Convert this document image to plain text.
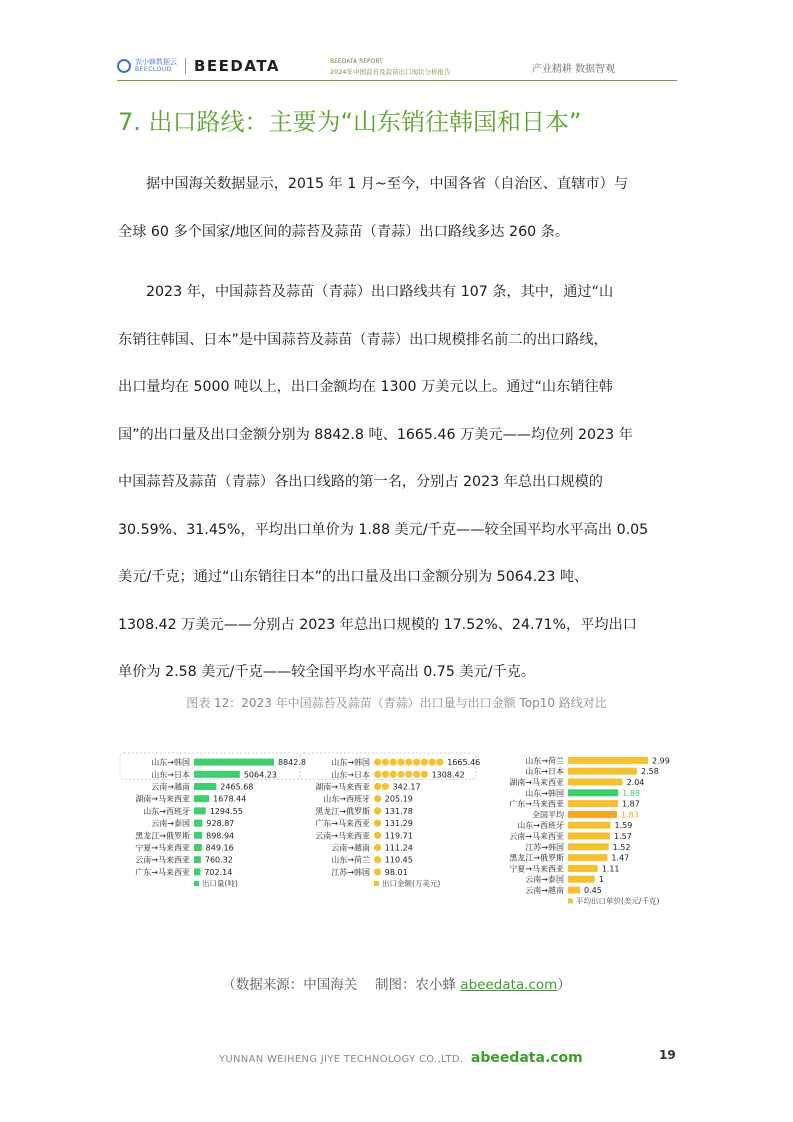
农小蜂数据云
BEECLOUD	BEEDATA	BEEDATA REPORT
2024年中国蒜苔及蒜苗出口现状分析报告	产业精耕 数据智观
7. 出口路线：主要为“山东销往韩国和日本”
据中国海关数据显示，2015 年 1 月~至今，中国各省（自治区、直辖市）与
全球 60 多个国家/地区间的蒜苔及蒜苗（青蒜）出口路线多达 260 条。
2023 年，中国蒜苔及蒜苗（青蒜）出口路线共有 107 条，其中，通过“山
东销往韩国、日本”是中国蒜苔及蒜苗（青蒜）出口规模排名前二的出口路线，
出口量均在 5000 吨以上，出口金额均在 1300 万美元以上。通过“山东销往韩
国”的出口量及出口金额分别为 8842.8 吨、1665.46 万美元——均位列 2023 年
中国蒜苔及蒜苗（青蒜）各出口线路的第一名，分别占 2023 年总出口规模的
30.59%、31.45%，平均出口单价为 1.88 美元/千克——较全国平均水平高出 0.05
美元/千克；通过“山东销往日本”的出口量及出口金额分别为 5064.23 吨、
1308.42 万美元——分别占 2023 年总出口规模的 17.52%、24.71%，平均出口
单价为 2.58 美元/千克——较全国平均水平高出 0.75 美元/千克。
图表 12：2023 年中国蒜苔及蒜苗（青蒜）出口量与出口金额 Top10 路线对比
山东→韩国	8842.8
山东→日本	5064.23
云南→越南	2465.68
湖南→马来西亚	1678.44
山东→西班牙 1294.55
云南→泰国 928.87
黑龙江→俄罗斯 898.94
宁夏→马来西亚 849.16
云南→马来西亚 760.32
广东→马来西亚 702.14
出口量(吨)
山东→韩国	1665.46
山东→日本	1308.42
湖南→马来西亚	342.17
山东→西班牙 205.19
黑龙江→俄罗斯 131.78
广东→马来西亚 131.29
云南→马来西亚 119.71
云南→越南 111.24
山东→荷兰 110.45
江苏→韩国 98.01
出口金额(万美元)
山东→荷兰	2.99
山东→日本	2.58
湖南→马来西亚	2.04
山东→韩国	1.88
广东→马来西亚	1.87
全国平均	1.83
山东→西班牙	1.59
云南→马来西亚	1.57
江苏→韩国	1.52
黑龙江→俄罗斯	1.47
宁夏→马来西亚	1.11
云南→泰国	1
云南→越南	0.45
平均出口单价(美元/千克)
（数据来源：中国海关　 制图：农小蜂 abeedata.com）
YUNNAN WEIHENG JIYE TECHNOLOGY CO.,LTD. abeedata.com	19
